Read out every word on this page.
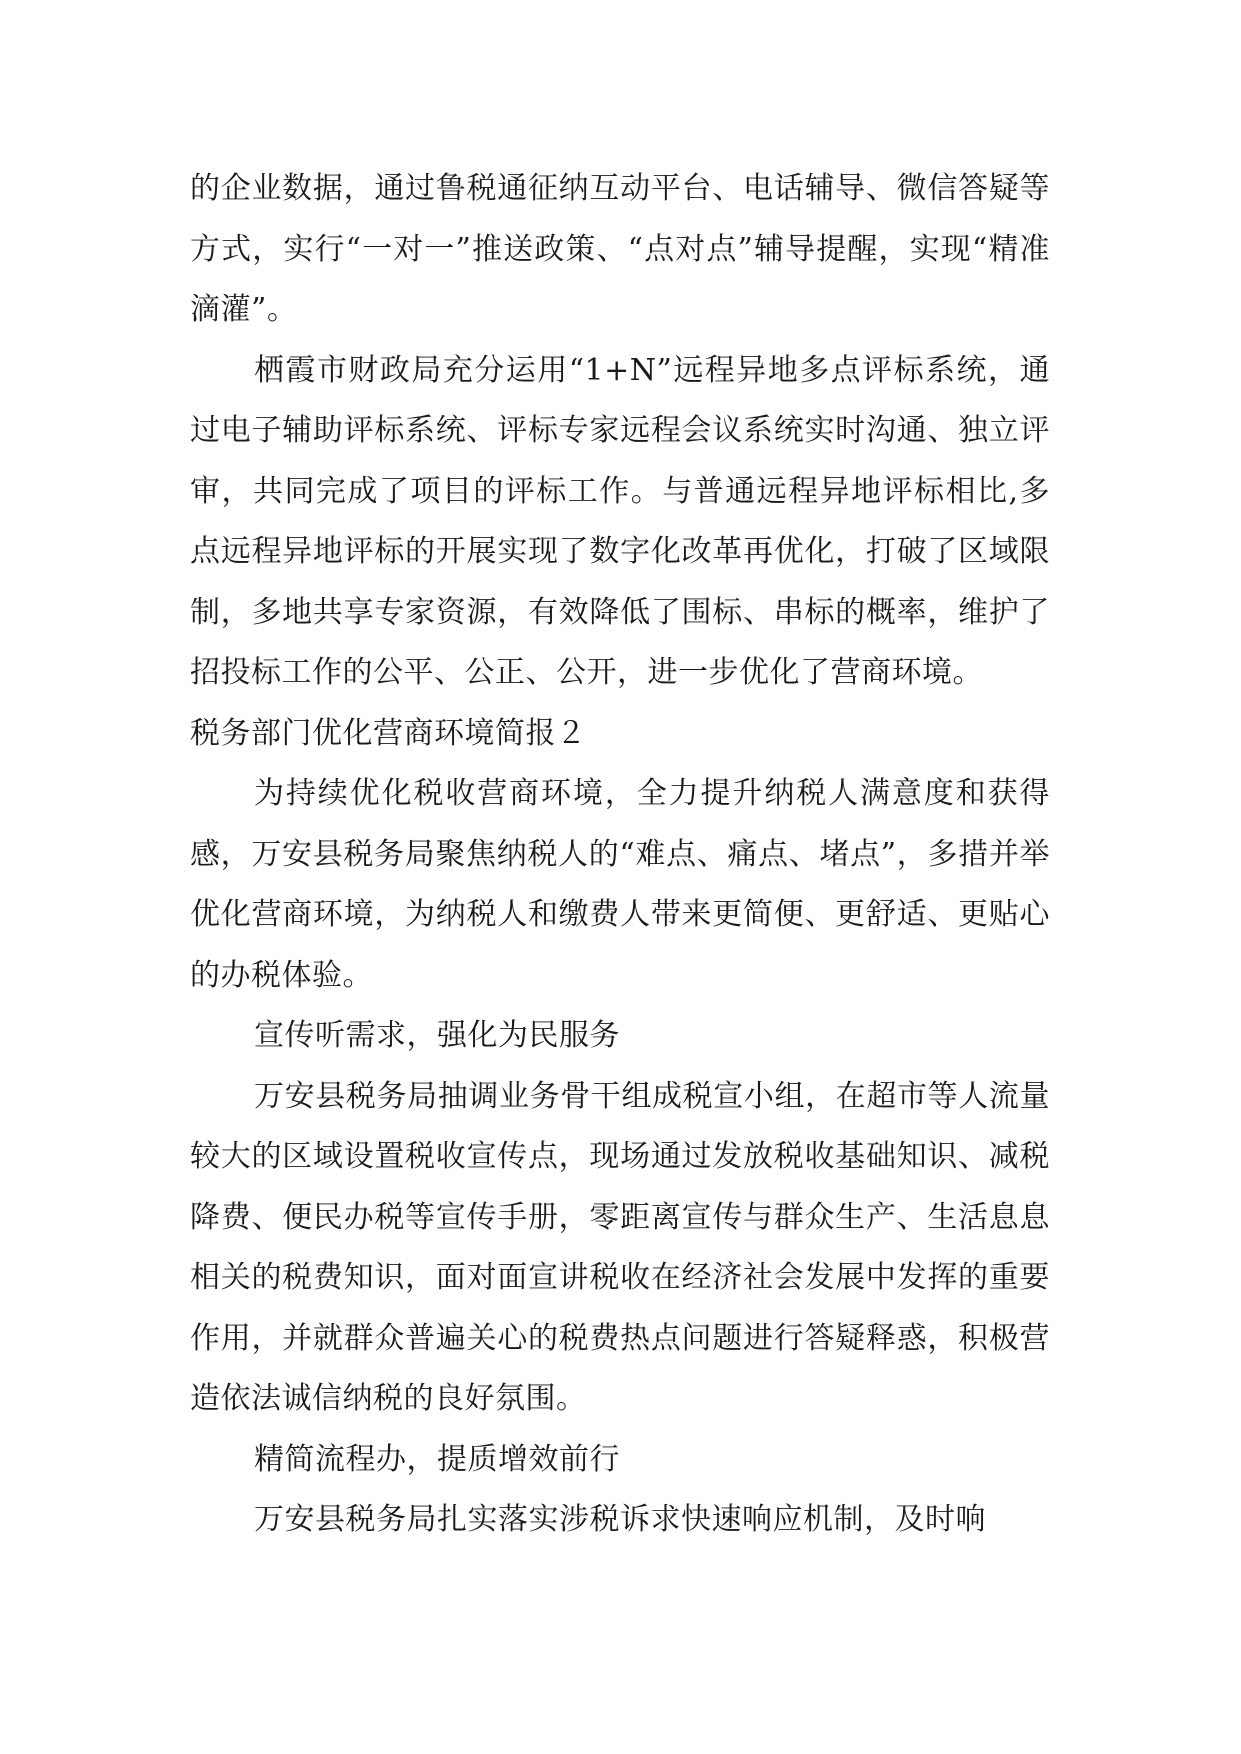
的企业数据，通过鲁税通征纳互动平台、电话辅导、微信答疑等方式，实行“一对一”推送政策、“点对点”辅导提醒，实现“精准滴灌”。

栖霞市财政局充分运用“1+N”远程异地多点评标系统，通过电子辅助评标系统、评标专家远程会议系统实时沟通、独立评审，共同完成了项目的评标工作。与普通远程异地评标相比,多点远程异地评标的开展实现了数字化改革再优化，打破了区域限制，多地共享专家资源，有效降低了围标、串标的概率，维护了招投标工作的公平、公正、公开，进一步优化了营商环境。

税务部门优化营商环境简报２

为持续优化税收营商环境，全力提升纳税人满意度和获得感，万安县税务局聚焦纳税人的“难点、痛点、堵点”，多措并举优化营商环境，为纳税人和缴费人带来更简便、更舒适、更贴心的办税体验。

宣传听需求，强化为民服务

万安县税务局抽调业务骨干组成税宣小组，在超市等人流量较大的区域设置税收宣传点，现场通过发放税收基础知识、减税降费、便民办税等宣传手册，零距离宣传与群众生产、生活息息相关的税费知识，面对面宣讲税收在经济社会发展中发挥的重要作用，并就群众普遍关心的税费热点问题进行答疑释惑，积极营造依法诚信纳税的良好氛围。

精简流程办，提质增效前行

万安县税务局扎实落实涉税诉求快速响应机制，及时响
